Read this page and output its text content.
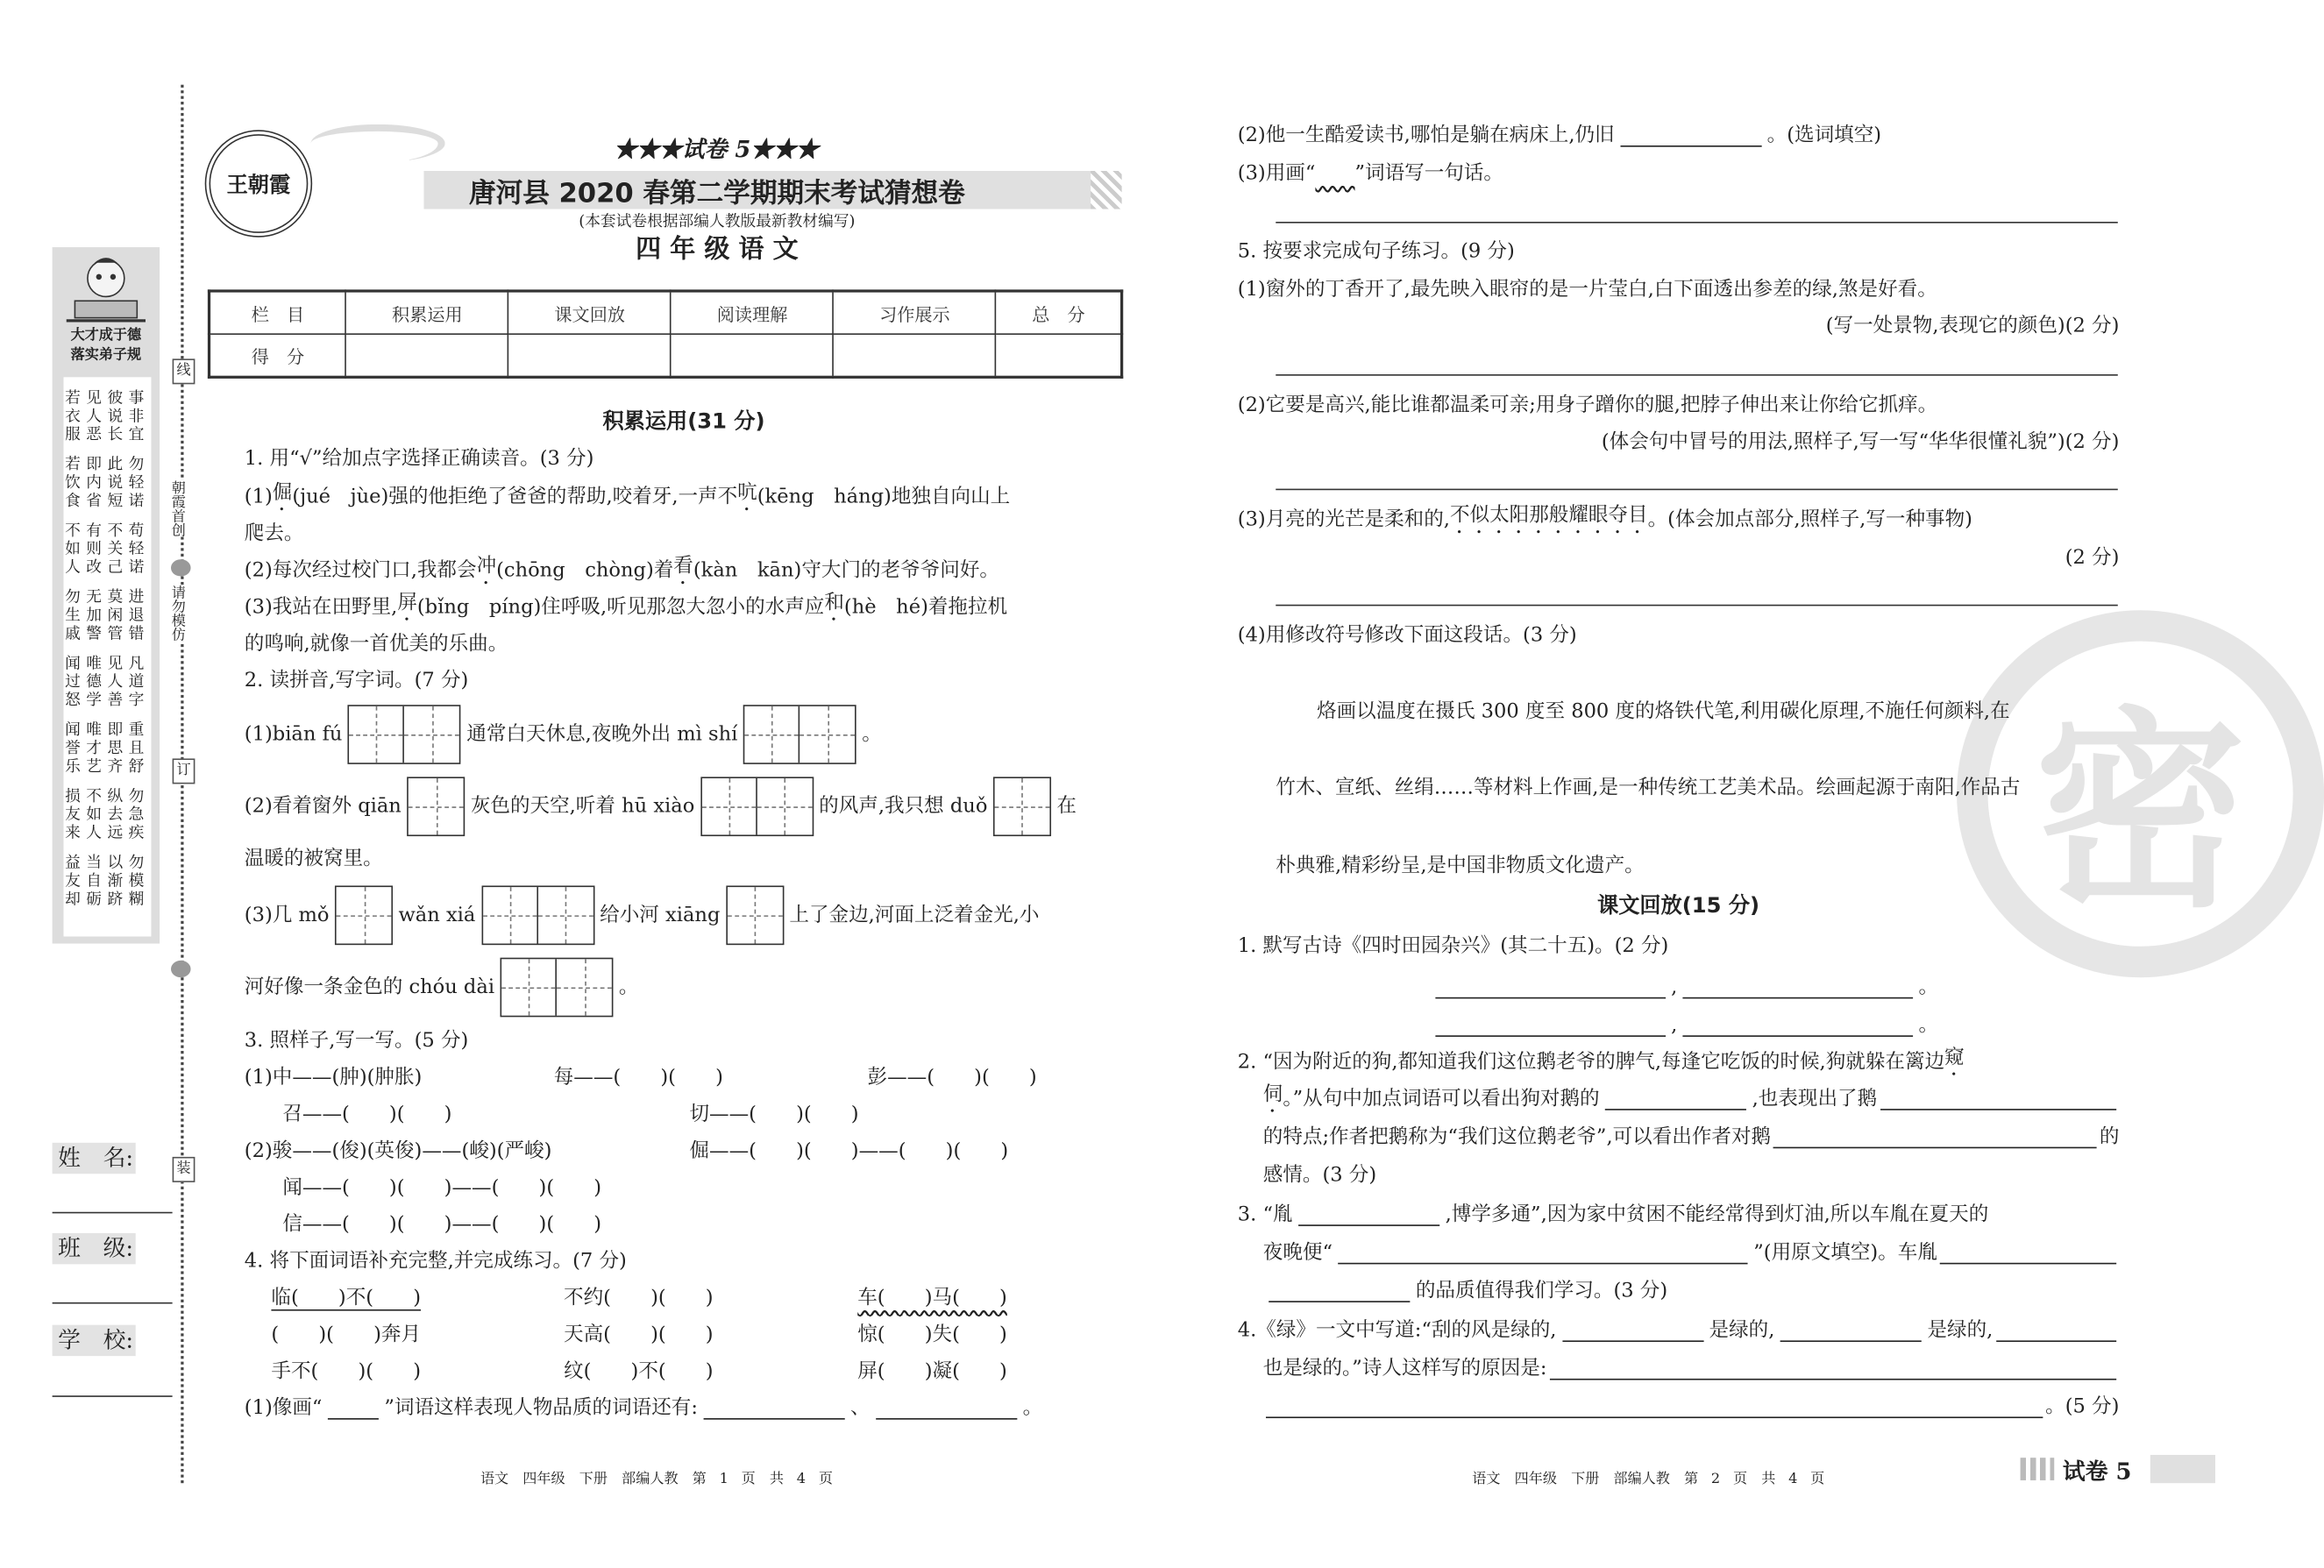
线
订
装
朝霞首创
请勿模仿
大才成于德
落实弟子规
若见彼事
衣人说非
服恶长宜
若即此勿
饮内说轻
食省短诺
不有不苟
如则关轻
人改己诺
勿无莫进
生加闲退
戚警管错
闻唯见凡
过德人道
怒学善字
闻唯即重
誉才思且
乐艺齐舒
损不纵勿
友如去急
来人远疾
益当以勿
友自渐模
却砺跻糊
姓　名:
班　级:
学　校:
王朝霞
★★★试卷 5★★★
唐河县 2020 春第二学期期末考试猜想卷
(本套试卷根据部编人教版最新教材编写)
四 年 级 语 文
栏　目	积累运用	课文回放	阅读理解	习作展示	总　分
得　分					
密
积累运用(31 分)
1. 用“√”给加点字选择正确读音。(3 分)
(1) 倔 (jué　jùe)强的他拒绝了爸爸的帮助,咬着牙,一声不 吭 (kēng　háng)地独自向山上
爬去。
(2)每次经过校门口,我都会 冲 (chōng　chòng)着 看 (kàn　kān)守大门的老爷爷问好。
(3)我站在田野里, 屏 (bǐng　píng)住呼吸,听见那忽大忽小的水声应 和 (hè　hé)着拖拉机
的鸣响,就像一首优美的乐曲。
2. 读拼音,写字词。(7 分)
(1)biān fú	通常白天休息,夜晚外出 mì shí	。
(2)看着窗外 qiān	灰色的天空,听着 hū xiào	的风声,我只想 duǒ	在
温暖的被窝里。
(3)几 mǒ	wǎn xiá	给小河 xiāng	上了金边,河面上泛着金光,小
河好像一条金色的 chóu dài	。
3. 照样子,写一写。(5 分)
(1)中——(肿)(肿胀)	每——(　　)(　　)	彭——(　　)(　　)
召——(　　)(　　)	切——(　　)(　　)
(2)骏——(俊)(英俊)——(峻)(严峻)	倔——(　　)(　　)——(　　)(　　)
闻——(　　)(　　)——(　　)(　　)
信——(　　)(　　)——(　　)(　　)
4. 将下面词语补充完整,并完成练习。(7 分)
临(　　)不(　　)	不约(　　)(　　)	车(　　)马(　　)
(　　)(　　)奔月	天高(　　)(　　)	惊(　　)失(　　)
手不(　　)(　　)	纹(　　)不(　　)	屏(　　)凝(　　)
(1)像画“	”词语这样表现人物品质的词语还有:	、	。
(2)他一生酷爱读书,哪怕是躺在病床上,仍旧	。(选词填空)
(3)用画“
　　	”词语写一句话。
5. 按要求完成句子练习。(9 分)
(1)窗外的丁香开了,最先映入眼帘的是一片莹白,白下面透出参差的绿,煞是好看。
(写一处景物,表现它的颜色)(2 分)
(2)它要是高兴,能比谁都温柔可亲;用身子蹭你的腿,把脖子伸出来让你给它抓痒。
(体会句中冒号的用法,照样子,写一写“华华很懂礼貌”)(2 分)
(3)月亮的光芒是柔和的, 不似太阳那般耀眼夺目 。(体会加点部分,照样子,写一种事物)
(2 分)
(4)用修改符号修改下面这段话。(3 分)
烙画以温度在摄氏 300 度至 800 度的烙铁代笔,利用碳化原理,不施任何颜料,在
竹木、宣纸、丝绢……等材料上作画,是一种传统工艺美术品。绘画起源于南阳,作品古
朴典雅,精彩纷呈,是中国非物质文化遗产。
课文回放(15 分)
1. 默写古诗《四时田园杂兴》(其二十五)。(2 分)
,	。
,	。
2. “因为附近的狗,都知道我们这位鹅老爷的脾气,每逢它吃饭的时候,狗就躲在篱边 窥
伺 。”从句中加点词语可以看出狗对鹅的	,也表现出了鹅
的特点;作者把鹅称为“我们这位鹅老爷”,可以看出作者对鹅	的
感情。(3 分)
3. “胤	,博学多通”,因为家中贫困不能经常得到灯油,所以车胤在夏天的
夜晚便“	”(用原文填空)。车胤
的品质值得我们学习。(3 分)
4.《绿》一文中写道:“刮的风是绿的,	是绿的,	是绿的,
也是绿的。”诗人这样写的原因是:
。(5 分)
语文　四年级　下册　部编人教　第 1 页　共 4 页	语文　四年级　下册　部编人教　第 2 页　共 4 页	试卷 5
